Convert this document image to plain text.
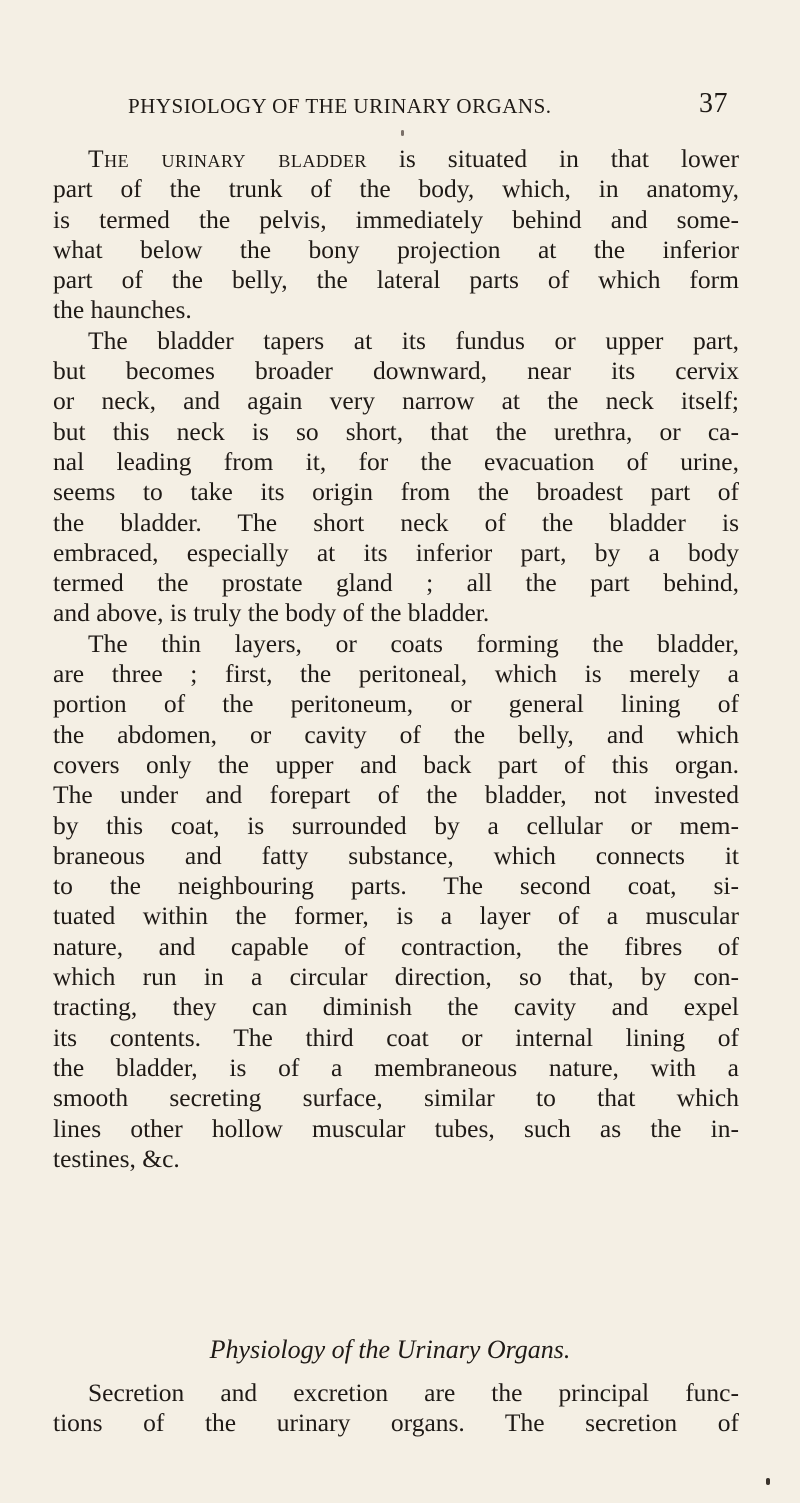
PHYSIOLOGY OF THE URINARY ORGANS.	37

The urinary bladder is situated in that lower
part of the trunk of the body, which, in anatomy,
is termed the pelvis, immediately behind and some-
what below the bony projection at the inferior
part of the belly, the lateral parts of which form
the haunches.

The bladder tapers at its fundus or upper part,
but becomes broader downward, near its cervix
or neck, and again very narrow at the neck itself;
but this neck is so short, that the urethra, or ca-
nal leading from it, for the evacuation of urine,
seems to take its origin from the broadest part of
the bladder. The short neck of the bladder is
embraced, especially at its inferior part, by a body
termed the prostate gland ; all the part behind,
and above, is truly the body of the bladder.

The thin layers, or coats forming the bladder,
are three ; first, the peritoneal, which is merely a
portion of the peritoneum, or general lining of
the abdomen, or cavity of the belly, and which
covers only the upper and back part of this organ.
The under and forepart of the bladder, not invested
by this coat, is surrounded by a cellular or mem-
braneous and fatty substance, which connects it
to the neighbouring parts. The second coat, si-
tuated within the former, is a layer of a muscular
nature, and capable of contraction, the fibres of
which run in a circular direction, so that, by con-
tracting, they can diminish the cavity and expel
its contents. The third coat or internal lining of
the bladder, is of a membraneous nature, with a
smooth secreting surface, similar to that which
lines other hollow muscular tubes, such as the in-
testines, &c.

Physiology of the Urinary Organs.

Secretion and excretion are the principal func-
tions of the urinary organs. The secretion of
